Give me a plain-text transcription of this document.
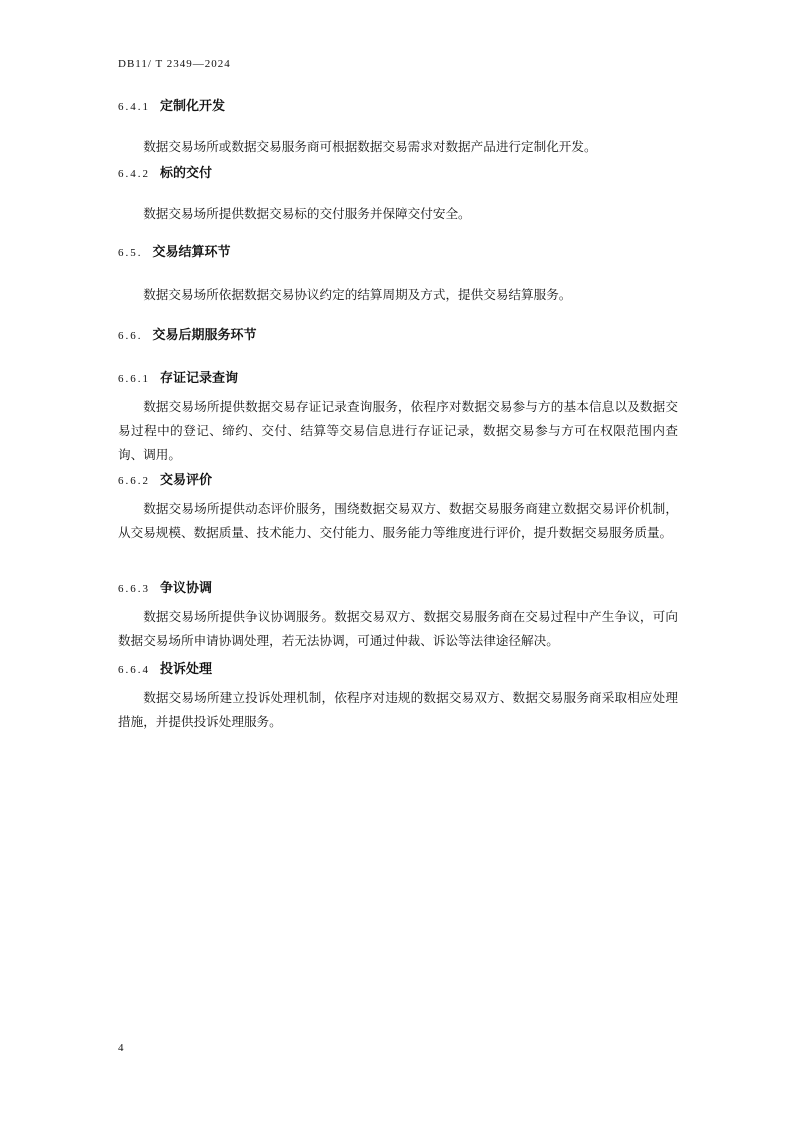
DB11/ T 2349—2024
6.4.1 定制化开发

数据交易场所或数据交易服务商可根据数据交易需求对数据产品进行定制化开发。

6.4.2 标的交付

数据交易场所提供数据交易标的交付服务并保障交付安全。

6.5. 交易结算环节

数据交易场所依据数据交易协议约定的结算周期及方式，提供交易结算服务。

6.6. 交易后期服务环节
6.6.1 存证记录查询

数据交易场所提供数据交易存证记录查询服务，依程序对数据交易参与方的基本信息以及数据交易过程中的登记、缔约、交付、结算等交易信息进行存证记录，数据交易参与方可在权限范围内查询、调用。

6.6.2 交易评价

数据交易场所提供动态评价服务，围绕数据交易双方、数据交易服务商建立数据交易评价机制，从交易规模、数据质量、技术能力、交付能力、服务能力等维度进行评价，提升数据交易服务质量。

6.6.3 争议协调

数据交易场所提供争议协调服务。数据交易双方、数据交易服务商在交易过程中产生争议，可向数据交易场所申请协调处理，若无法协调，可通过仲裁、诉讼等法律途径解决。

6.6.4 投诉处理

数据交易场所建立投诉处理机制，依程序对违规的数据交易双方、数据交易服务商采取相应处理措施，并提供投诉处理服务。

4
